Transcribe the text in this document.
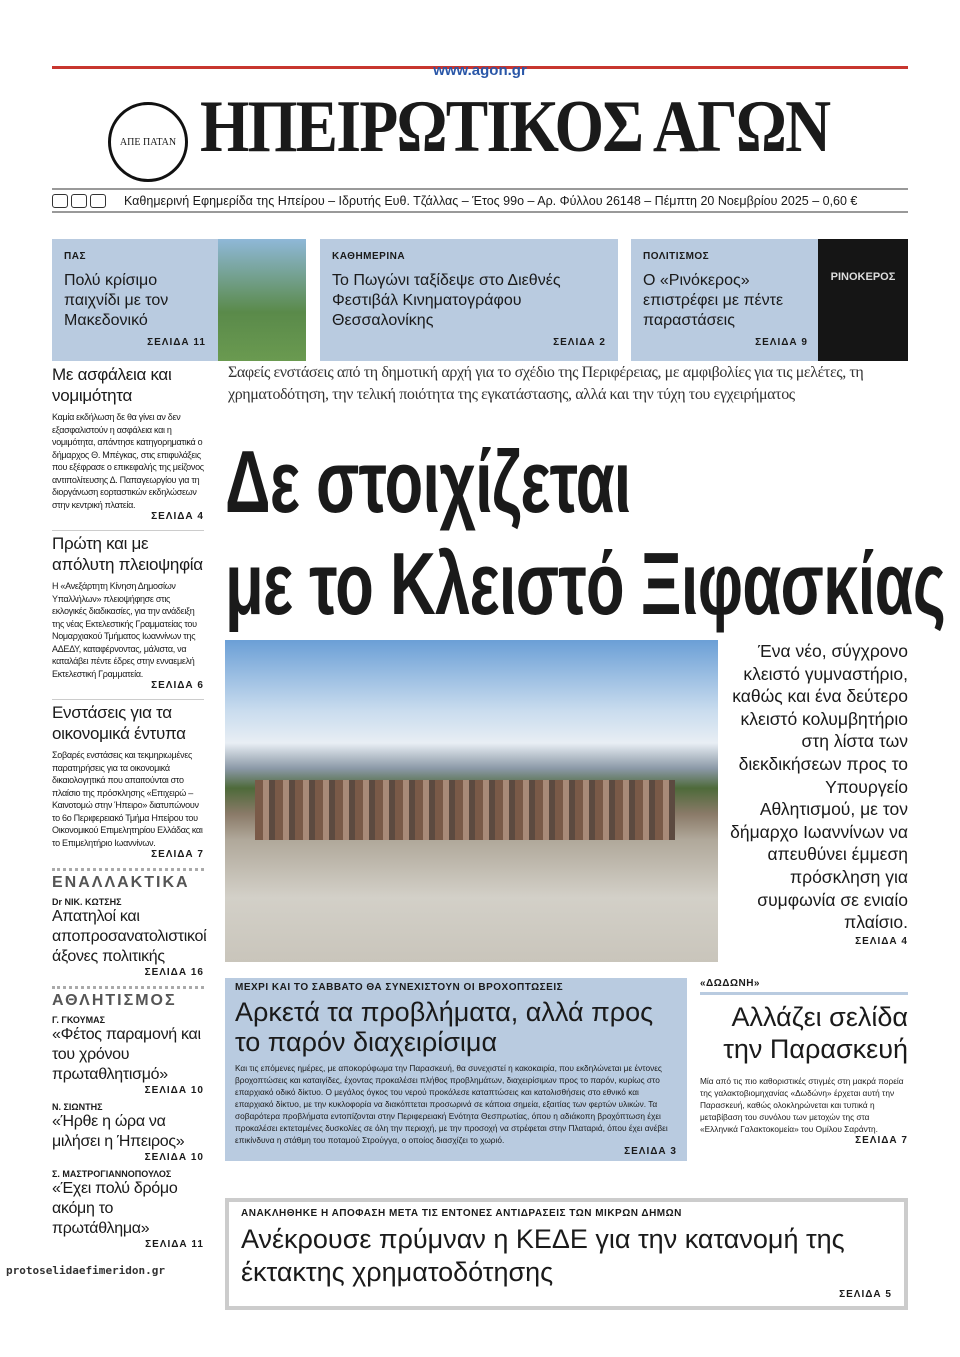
www.agon.gr
ΑΠΕ ΠΑΤΑΝ ΗΠΕΙΡΩΤΙΚΟΣ ΑΓΩΝ
Καθημερινή Εφημερίδα της Ηπείρου – Ιδρυτής Ευθ. Τζάλλας – Έτος 99ο – Αρ. Φύλλου 26148 – Πέμπτη 20 Νοεμβρίου 2025 – 0,60 €
ΠΑΣ
Πολύ κρίσιμο παιχνίδι με τον Μακεδονικό
ΣΕΛΙΔΑ 11
ΚΑΘΗΜΕΡΙΝΑ
Το Πωγώνι ταξίδεψε στο Διεθνές Φεστιβάλ Κινηματογράφου Θεσσαλονίκης
ΣΕΛΙΔΑ 2
ΠΟΛΙΤΙΣΜΟΣ
Ο «Ρινόκερος» επιστρέφει με πέντε παραστάσεις
ΣΕΛΙΔΑ 9
ΡΙΝΟΚΕΡΟΣ
Με ασφάλεια και νομιμότητα
Καμία εκδήλωση δε θα γίνει αν δεν εξασφαλιστούν η ασφάλεια και η νομιμότητα, απάντησε κατηγορηματικά ο δήμαρχος Θ. Μπέγκας, στις επιφυλάξεις που εξέφρασε ο επικεφαλής της μείζονος αντιπολίτευσης Δ. Παπαγεωργίου για τη διοργάνωση εορταστικών εκδηλώσεων στην κεντρική πλατεία.
ΣΕΛΙΔΑ 4
Πρώτη και με απόλυτη πλειοψηφία
Η «Ανεξάρτητη Κίνηση Δημοσίων Υπαλλήλων» πλειοψήφησε στις εκλογικές διαδικασίες, για την ανάδειξη της νέας Εκτελεστικής Γραμματείας του Νομαρχιακού Τμήματος Ιωαννίνων της ΑΔΕΔΥ, καταφέρνοντας, μάλιστα, να καταλάβει πέντε έδρες στην ενναεμελή Εκτελεστική Γραμματεία.
ΣΕΛΙΔΑ 6
Ενστάσεις για τα οικονομικά έντυπα
Σοβαρές ενστάσεις και τεκμηριωμένες παρατηρήσεις για τα οικονομικά δικαιολογητικά που απαιτούνται στο πλαίσιο της πρόσκλησης «Επιχειρώ – Καινοτομώ στην Ήπειρο» διατυπώνουν το 6ο Περιφερειακό Τμήμα Ηπείρου του Οικονομικού Επιμελητηρίου Ελλάδας και το Επιμελητήριο Ιωαννίνων.
ΣΕΛΙΔΑ 7
ΕΝΑΛΛΑΚΤΙΚΑ
Dr ΝΙΚ. ΚΩΤΣΗΣ
Απατηλοί και αποπροσανατολιστικοί άξονες πολιτικής
ΣΕΛΙΔΑ 16
ΑΘΛΗΤΙΣΜΟΣ
Γ. ΓΚΟΥΜΑΣ
«Φέτος παραμονή και του χρόνου πρωταθλητισμό»
ΣΕΛΙΔΑ 10
Ν. ΣΙΩΝΤΗΣ
«Ήρθε η ώρα να μιλήσει η Ήπειρος»
ΣΕΛΙΔΑ 10
Σ. ΜΑΣΤΡΟΓΙΑΝΝΟΠΟΥΛΟΣ
«Έχει πολύ δρόμο ακόμη το πρωτάθλημα»
ΣΕΛΙΔΑ 11
protoselidaefimeridon.gr
Σαφείς ενστάσεις από τη δημοτική αρχή για το σχέδιο της Περιφέρειας, με αμφιβολίες για τις μελέτες, τη χρηματοδότηση, την τελική ποιότητα της εγκατάστασης, αλλά και την τύχη του εγχειρήματος
Δε στοιχίζεται
με το Κλειστό Ξιφασκίας
Ένα νέο, σύγχρονο κλειστό γυμναστήριο, καθώς και ένα δεύτερο κλειστό κολυμβητήριο στη λίστα των διεκδικήσεων προς το Υπουργείο Αθλητισμού, με τον δήμαρχο Ιωαννίνων να απευθύνει έμμεση πρόσκληση για συμφωνία σε ενιαίο πλαίσιο.
ΣΕΛΙΔΑ 4
ΜΕΧΡΙ ΚΑΙ ΤΟ ΣΑΒΒΑΤΟ ΘΑ ΣΥΝΕΧΙΣΤΟΥΝ ΟΙ ΒΡΟΧΟΠΤΩΣΕΙΣ
Αρκετά τα προβλήματα, αλλά προς το παρόν διαχειρίσιμα
Και τις επόμενες ημέρες, με αποκορύφωμα την Παρασκευή, θα συνεχιστεί η κακοκαιρία, που εκδηλώνεται με έντονες βροχοπτώσεις και καταιγίδες, έχοντας προκαλέσει πλήθος προβλημάτων, διαχειρίσιμων προς το παρόν, κυρίως στο επαρχιακό οδικό δίκτυο. Ο μεγάλος όγκος του νερού προκάλεσε καταπτώσεις και κατολισθήσεις στο εθνικό και επαρχιακό δίκτυο, με την κυκλοφορία να διακόπτεται προσωρινά σε κάποια σημεία, εξαιτίας των φερτών υλικών. Τα σοβαρότερα προβλήματα εντοπίζονται στην Περιφερειακή Ενότητα Θεσπρωτίας, όπου η αδιάκοπη βροχόπτωση έχει προκαλέσει εκτεταμένες δυσκολίες σε όλη την περιοχή, με την προσοχή να στρέφεται στην Πλαταριά, όπου έχει ανέβει επικίνδυνα η στάθμη του ποταμού Στρούγγα, ο οποίος διασχίζει το χωριό.
ΣΕΛΙΔΑ 3
«ΔΩΔΩΝΗ»
Αλλάζει σελίδα την Παρασκευή
Μία από τις πιο καθοριστικές στιγμές στη μακρά πορεία της γαλακτοβιομηχανίας «Δωδώνη» έρχεται αυτή την Παρασκευή, καθώς ολοκληρώνεται και τυπικά η μεταβίβαση του συνόλου των μετοχών της στα «Ελληνικά Γαλακτοκομεία» του Ομίλου Σαράντη.
ΣΕΛΙΔΑ 7
ΑΝΑΚΛΗΘΗΚΕ Η ΑΠΟΦΑΣΗ ΜΕΤΑ ΤΙΣ ΕΝΤΟΝΕΣ ΑΝΤΙΔΡΑΣΕΙΣ ΤΩΝ ΜΙΚΡΩΝ ΔΗΜΩΝ
Ανέκρουσε πρύμναν η ΚΕΔΕ για την κατανομή της έκτακτης χρηματοδότησης
ΣΕΛΙΔΑ 5
